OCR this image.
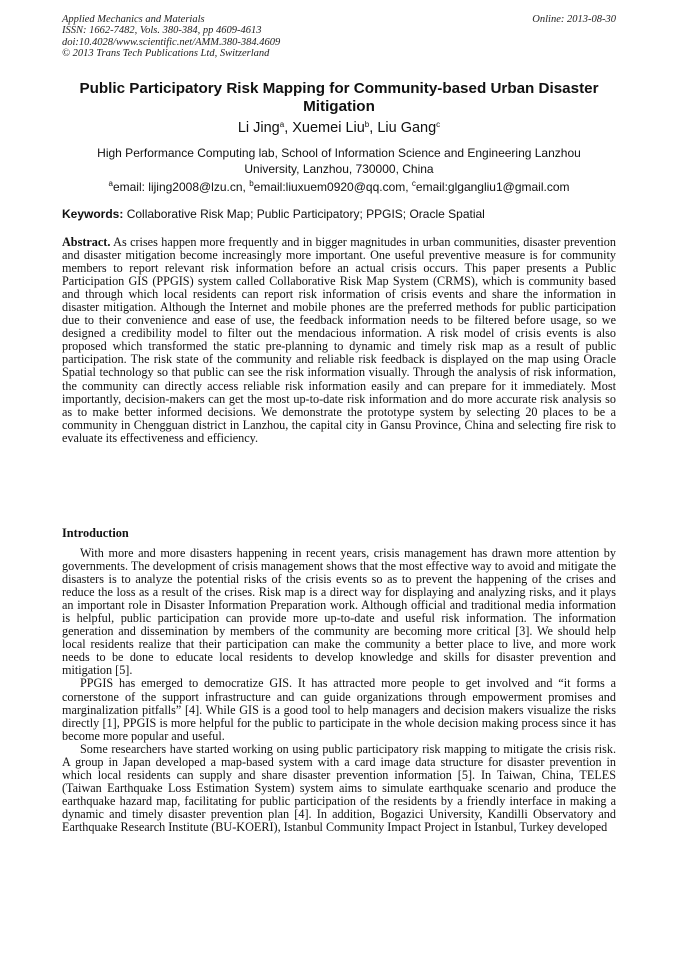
Applied Mechanics and Materials
ISSN: 1662-7482, Vols. 380-384, pp 4609-4613
doi:10.4028/www.scientific.net/AMM.380-384.4609
© 2013 Trans Tech Publications Ltd, Switzerland
Online: 2013-08-30
Public Participatory Risk Mapping for Community-based Urban Disaster Mitigation
Li Jing$^a$, Xuemei Liu$^b$, Liu Gang$^c$
High Performance Computing lab, School of Information Science and Engineering Lanzhou
University, Lanzhou, 730000, China
$^a$email: lijing2008@lzu.cn, $^b$email:liuxuem0920@qq.com, $^c$email:glgangliu1@gmail.com
Keywords: Collaborative Risk Map; Public Participatory; PPGIS; Oracle Spatial
Abstract. As crises happen more frequently and in bigger magnitudes in urban communities, disaster prevention and disaster mitigation become increasingly more important. One useful preventive measure is for community members to report relevant risk information before an actual crisis occurs. This paper presents a Public Participation GIS (PPGIS) system called Collaborative Risk Map System (CRMS), which is community based and through which local residents can report risk information of crisis events and share the information in disaster mitigation. Although the Internet and mobile phones are the preferred methods for public participation due to their convenience and ease of use, the feedback information needs to be filtered before usage, so we designed a credibility model to filter out the mendacious information. A risk model of crisis events is also proposed which transformed the static pre-planning to dynamic and timely risk map as a result of public participation. The risk state of the community and reliable risk feedback is displayed on the map using Oracle Spatial technology so that public can see the risk information visually. Through the analysis of risk information, the community can directly access reliable risk information easily and can prepare for it immediately. Most importantly, decision-makers can get the most up-to-date risk information and do more accurate risk analysis so as to make better informed decisions. We demonstrate the prototype system by selecting 20 places to be a community in Chengguan district in Lanzhou, the capital city in Gansu Province, China and selecting fire risk to evaluate its effectiveness and efficiency.
Introduction

With more and more disasters happening in recent years, crisis management has drawn more attention by governments. The development of crisis management shows that the most effective way to avoid and mitigate the disasters is to analyze the potential risks of the crisis events so as to prevent the happening of the crises and reduce the loss as a result of the crises. Risk map is a direct way for displaying and analyzing risks, and it plays an important role in Disaster Information Preparation work. Although official and traditional media information is helpful, public participation can provide more up-to-date and useful risk information. The information generation and dissemination by members of the community are becoming more critical [3]. We should help local residents realize that their participation can make the community a better place to live, and more work needs to be done to educate local residents to develop knowledge and skills for disaster prevention and mitigation [5].

PPGIS has emerged to democratize GIS. It has attracted more people to get involved and “it forms a cornerstone of the support infrastructure and can guide organizations through empowerment promises and marginalization pitfalls” [4]. While GIS is a good tool to help managers and decision makers visualize the risks directly [1], PPGIS is more helpful for the public to participate in the whole decision making process since it has become more popular and useful.

Some researchers have started working on using public participatory risk mapping to mitigate the crisis risk. A group in Japan developed a map-based system with a card image data structure for disaster prevention in which local residents can supply and share disaster prevention information [5]. In Taiwan, China, TELES (Taiwan Earthquake Loss Estimation System) system aims to simulate earthquake scenario and produce the earthquake hazard map, facilitating for public participation of the residents by a friendly interface in making a dynamic and timely disaster prevention plan [4]. In addition, Bogazici University, Kandilli Observatory and Earthquake Research Institute (BU-KOERI), Istanbul Community Impact Project in Istanbul, Turkey developed
